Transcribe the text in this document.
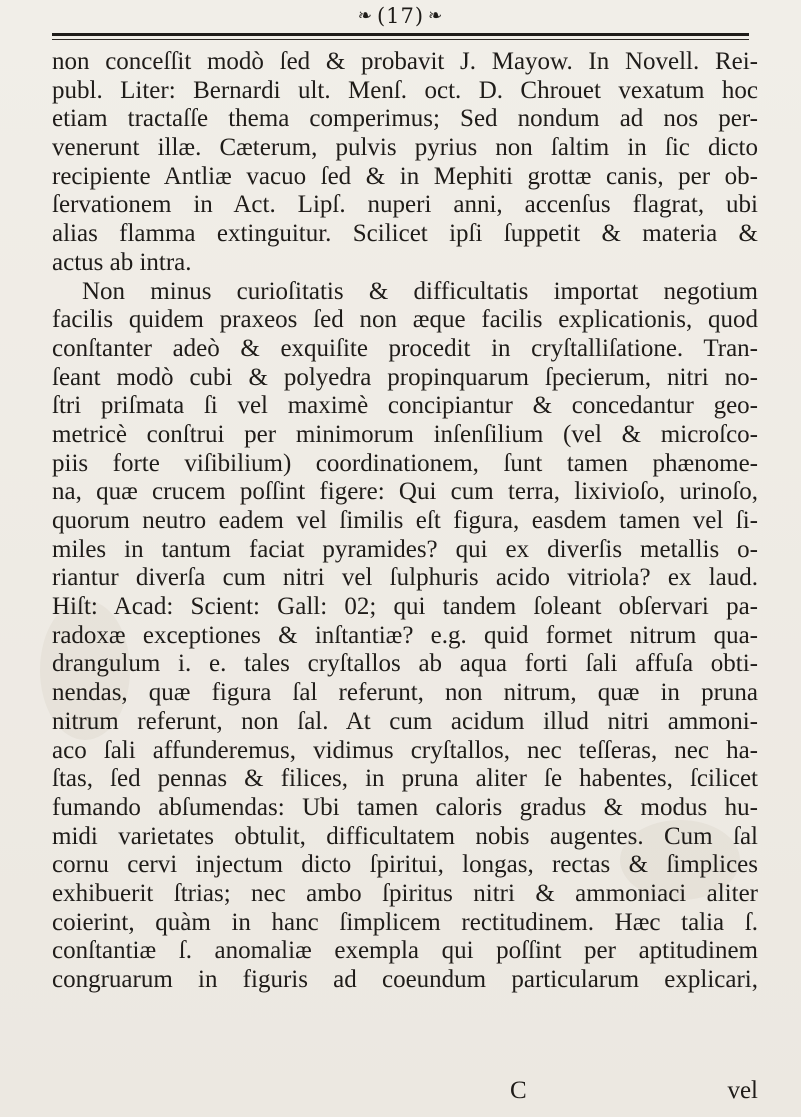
❧ (17) ❧
non conceſſit modò ſed & probavit J. Mayow. In Novell. Rei-
publ. Liter: Bernardi ult. Menſ. oct. D. Chrouet vexatum hoc
etiam tractaſſe thema comperimus; Sed nondum ad nos per-
venerunt illæ. Cæterum, pulvis pyrius non ſaltim in ſic dicto
recipiente Antliæ vacuo ſed & in Mephiti grottæ canis, per ob-
ſervationem in Act. Lipſ. nuperi anni, accenſus flagrat, ubi
alias flamma extinguitur. Scilicet ipſi ſuppetit & materia &
actus ab intra.
Non minus curioſitatis & difficultatis importat negotium
facilis quidem praxeos ſed non æque facilis explicationis, quod
conſtanter adeò & exquiſite procedit in cryſtalliſatione. Tran-
ſeant modò cubi & polyedra propinquarum ſpecierum, nitri no-
ſtri priſmata ſi vel maximè concipiantur & concedantur geo-
metricè conſtrui per minimorum inſenſilium (vel & microſco-
piis forte viſibilium) coordinationem, ſunt tamen phænome-
na, quæ crucem poſſint figere: Qui cum terra, lixivioſo, urinoſo,
quorum neutro eadem vel ſimilis eſt figura, easdem tamen vel ſi-
miles in tantum faciat pyramides? qui ex diverſis metallis o-
riantur diverſa cum nitri vel ſulphuris acido vitriola? ex laud.
Hiſt: Acad: Scient: Gall: 02; qui tandem ſoleant obſervari pa-
radoxæ exceptiones & inſtantiæ? e.g. quid formet nitrum qua-
drangulum i. e. tales cryſtallos ab aqua forti ſali affuſa obti-
nendas, quæ figura ſal referunt, non nitrum, quæ in pruna
nitrum referunt, non ſal. At cum acidum illud nitri ammoni-
aco ſali affunderemus, vidimus cryſtallos, nec teſſeras, nec ha-
ſtas, ſed pennas & filices, in pruna aliter ſe habentes, ſcilicet
fumando abſumendas: Ubi tamen caloris gradus & modus hu-
midi varietates obtulit, difficultatem nobis augentes. Cum ſal
cornu cervi injectum dicto ſpiritui, longas, rectas & ſimplices
exhibuerit ſtrias; nec ambo ſpiritus nitri & ammoniaci aliter
coierint, quàm in hanc ſimplicem rectitudinem. Hæc talia ſ.
conſtantiæ ſ. anomaliæ exempla qui poſſint per aptitudinem
congruarum in figuris ad coeundum particularum explicari,
C	vel
